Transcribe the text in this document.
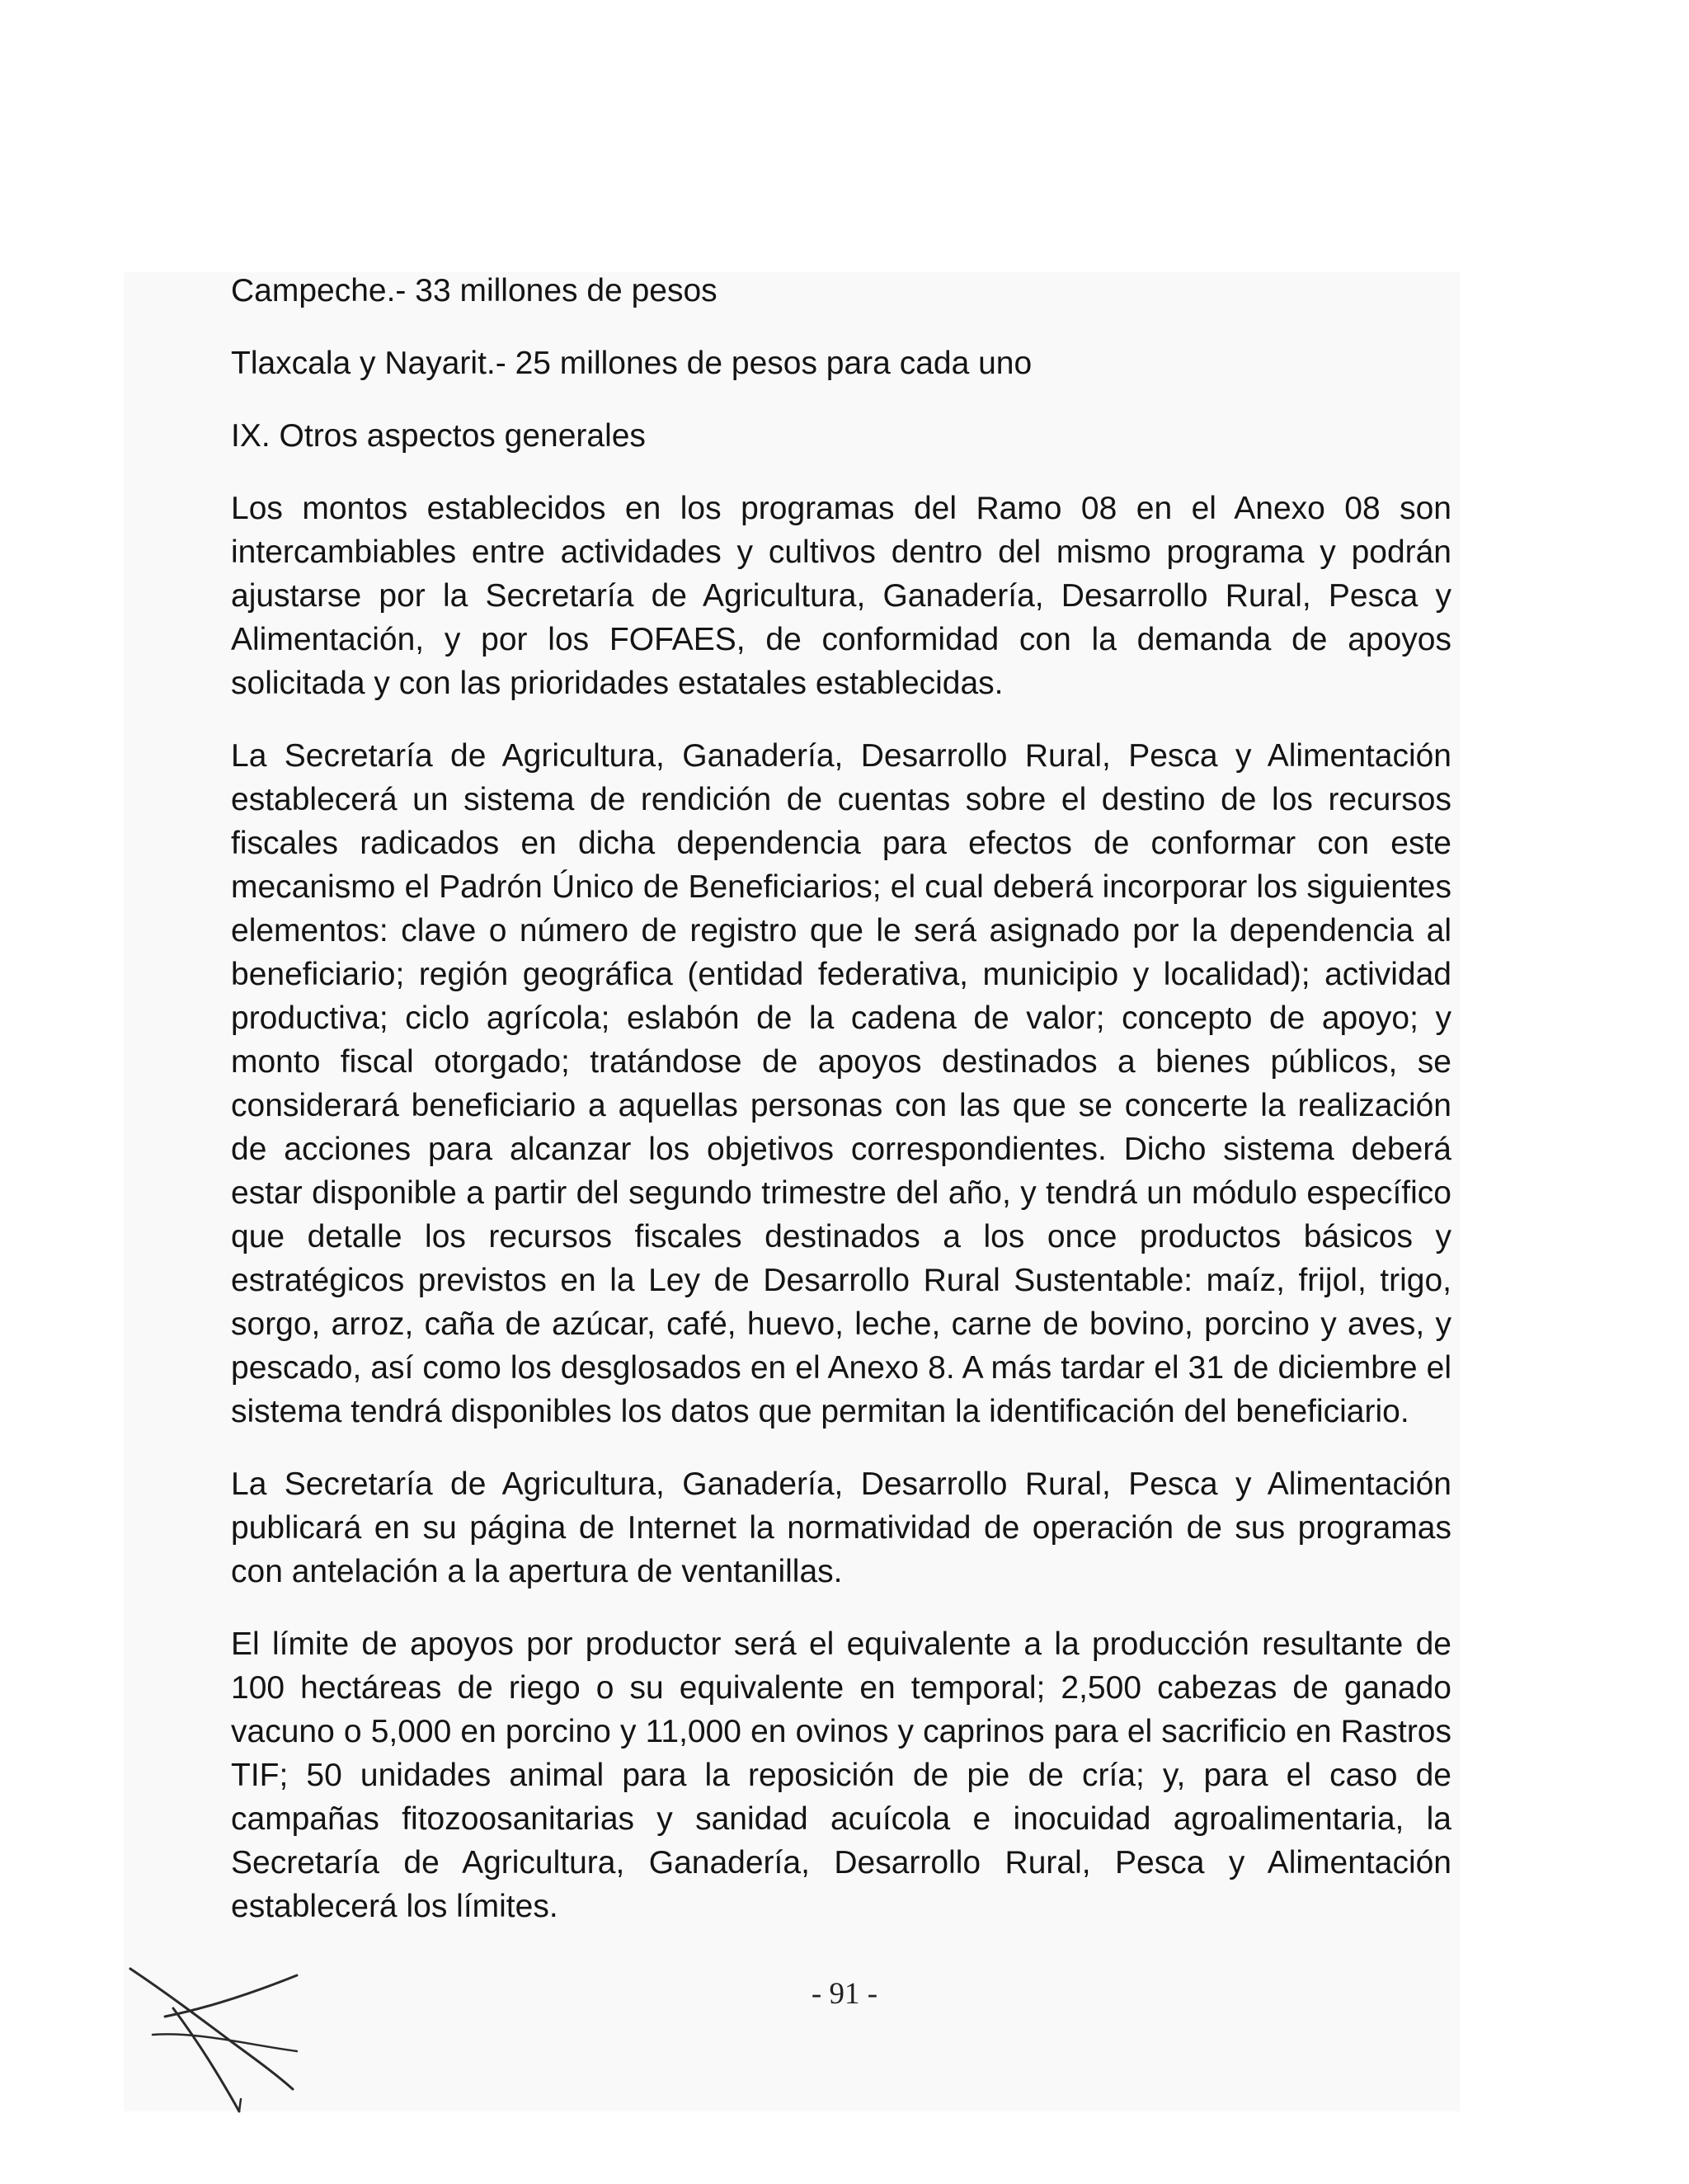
Campeche.- 33 millones de pesos
Tlaxcala y Nayarit.- 25 millones de pesos para cada uno
IX. Otros aspectos generales

Los montos establecidos en los programas del Ramo 08 en el Anexo 08 son intercambiables entre actividades y cultivos dentro del mismo programa y podrán ajustarse por la Secretaría de Agricultura, Ganadería, Desarrollo Rural, Pesca y Alimentación, y por los FOFAES, de conformidad con la demanda de apoyos solicitada y con las prioridades estatales establecidas.

La Secretaría de Agricultura, Ganadería, Desarrollo Rural, Pesca y Alimentación establecerá un sistema de rendición de cuentas sobre el destino de los recursos fiscales radicados en dicha dependencia para efectos de conformar con este mecanismo el Padrón Único de Beneficiarios; el cual deberá incorporar los siguientes elementos: clave o número de registro que le será asignado por la dependencia al beneficiario; región geográfica (entidad federativa, municipio y localidad); actividad productiva; ciclo agrícola; eslabón de la cadena de valor; concepto de apoyo; y monto fiscal otorgado; tratándose de apoyos destinados a bienes públicos, se considerará beneficiario a aquellas personas con las que se concerte la realización de acciones para alcanzar los objetivos correspondientes. Dicho sistema deberá estar disponible a partir del segundo trimestre del año, y tendrá un módulo específico que detalle los recursos fiscales destinados a los once productos básicos y estratégicos previstos en la Ley de Desarrollo Rural Sustentable: maíz, frijol, trigo, sorgo, arroz, caña de azúcar, café, huevo, leche, carne de bovino, porcino y aves, y pescado, así como los desglosados en el Anexo 8. A más tardar el 31 de diciembre el sistema tendrá disponibles los datos que permitan la identificación del beneficiario.

La Secretaría de Agricultura, Ganadería, Desarrollo Rural, Pesca y Alimentación publicará en su página de Internet la normatividad de operación de sus programas con antelación a la apertura de ventanillas.

El límite de apoyos por productor será el equivalente a la producción resultante de 100 hectáreas de riego o su equivalente en temporal; 2,500 cabezas de ganado vacuno o 5,000 en porcino y 11,000 en ovinos y caprinos para el sacrificio en Rastros TIF; 50 unidades animal para la reposición de pie de cría; y, para el caso de campañas fitozoosanitarias y sanidad acuícola e inocuidad agroalimentaria, la Secretaría de Agricultura, Ganadería, Desarrollo Rural, Pesca y Alimentación establecerá los límites.

- 91 -
